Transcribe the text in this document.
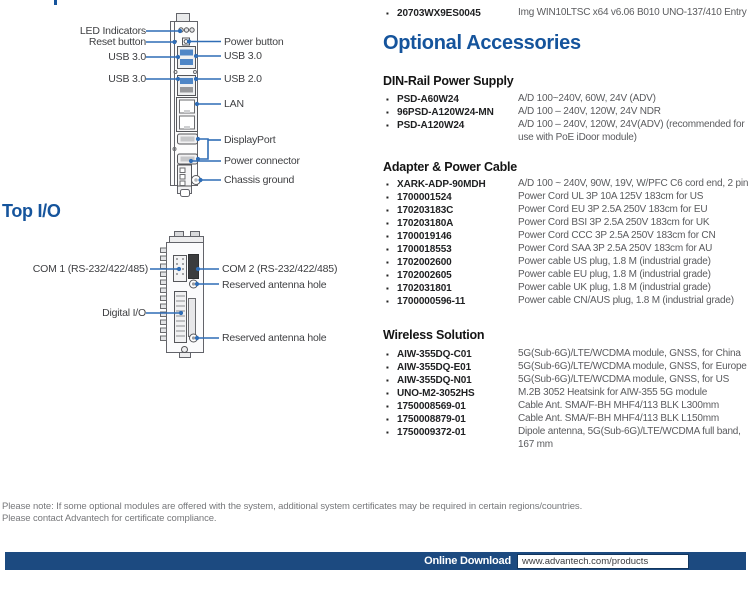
LED Indicators
Reset button
USB 3.0
USB 3.0
Power button
USB 3.0
USB 2.0
LAN
DisplayPort
Power connector
Chassis ground
Top I/O
COM 1 (RS-232/422/485)
Digital I/O
COM 2 (RS-232/422/485)
Reserved antenna hole
Reserved antenna hole
▪ 20703WX9ES0045	Img WIN10LTSC x64 v6.06 B010 UNO-137/410 Entry
Optional Accessories
DIN-Rail Power Supply
▪ PSD-A60W24	A/D 100~240V, 60W, 24V (ADV)
▪ 96PSD-A120W24-MN	A/D 100 – 240V, 120W, 24V NDR
▪ PSD-A120W24	A/D 100 – 240V, 120W, 24V(ADV) (recommended for use with PoE iDoor module)
Adapter & Power Cable
▪ XARK-ADP-90MDH	A/D 100 ~ 240V, 90W, 19V, W/PFC C6 cord end, 2 pin
▪ 1700001524	Power Cord UL 3P 10A 125V 183cm for US
▪ 170203183C	Power Cord EU 3P 2.5A 250V 183cm for EU
▪ 170203180A	Power Cord BSI 3P 2.5A 250V 183cm for UK
▪ 1700019146	Power Cord CCC 3P 2.5A 250V 183cm for CN
▪ 1700018553	Power Cord SAA 3P 2.5A 250V 183cm for AU
▪ 1702002600	Power cable US plug, 1.8 M (industrial grade)
▪ 1702002605	Power cable EU plug, 1.8 M (industrial grade)
▪ 1702031801	Power cable UK plug, 1.8 M (industrial grade)
▪ 1700000596-11	Power cable CN/AUS plug, 1.8 M (industrial grade)
Wireless Solution
▪ AIW-355DQ-C01	5G(Sub-6G)/LTE/WCDMA module, GNSS, for China
▪ AIW-355DQ-E01	5G(Sub-6G)/LTE/WCDMA module, GNSS, for Europe
▪ AIW-355DQ-N01	5G(Sub-6G)/LTE/WCDMA module, GNSS, for US
▪ UNO-M2-3052HS	M.2B 3052 Heatsink for AIW-355 5G module
▪ 1750008569-01	Cable Ant. SMA/F-BH MHF4/113 BLK L300mm
▪ 1750008879-01	Cable Ant. SMA/F-BH MHF4/113 BLK L150mm
▪ 1750009372-01	Dipole antenna, 5G(Sub-6G)/LTE/WCDMA full band, 167 mm
Please note: If some optional modules are offered with the system, additional system certificates may be required in certain regions/countries.
Please contact Advantech for certificate compliance.
Online Download	www.advantech.com/products
